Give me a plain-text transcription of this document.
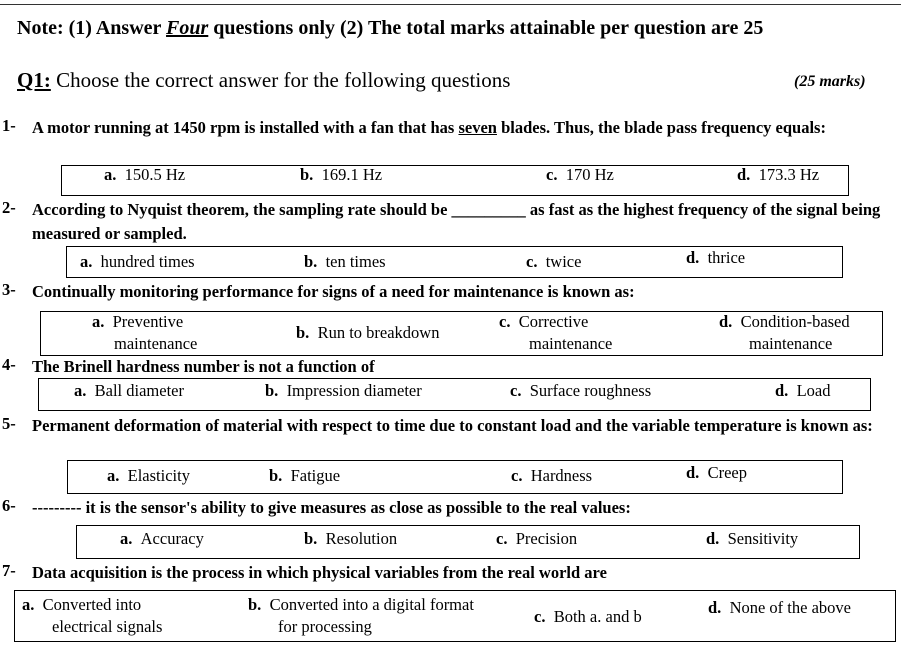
Note: (1) Answer Four questions only (2) The total marks attainable per question are 25
Q1: Choose the correct answer for the following questions	(25 marks)
1- A motor running at 1450 rpm is installed with a fan that has seven blades. Thus, the blade pass frequency equals:
a. 150.5 Hz	b. 169.1 Hz	c. 170 Hz	d. 173.3 Hz
2- According to Nyquist theorem, the sampling rate should be _________ as fast as the highest frequency of the signal being measured or sampled.
a. hundred times	b. ten times	c. twice	d. thrice
3- Continually monitoring performance for signs of a need for maintenance is known as:
a. Preventive
maintenance
b. Run to breakdown
c. Corrective
maintenance
d. Condition-based
maintenance
4- The Brinell hardness number is not a function of
a. Ball diameter	b. Impression diameter	c. Surface roughness	d. Load
5- Permanent deformation of material with respect to time due to constant load and the variable temperature is known as:
a. Elasticity	b. Fatigue	c. Hardness	d. Creep
6- --------- it is the sensor's ability to give measures as close as possible to the real values:
a. Accuracy	b. Resolution	c. Precision	d. Sensitivity
7- Data acquisition is the process in which physical variables from the real world are
a. Converted into
electrical signals
b. Converted into a digital format
for processing
c. Both a. and b	d. None of the above
